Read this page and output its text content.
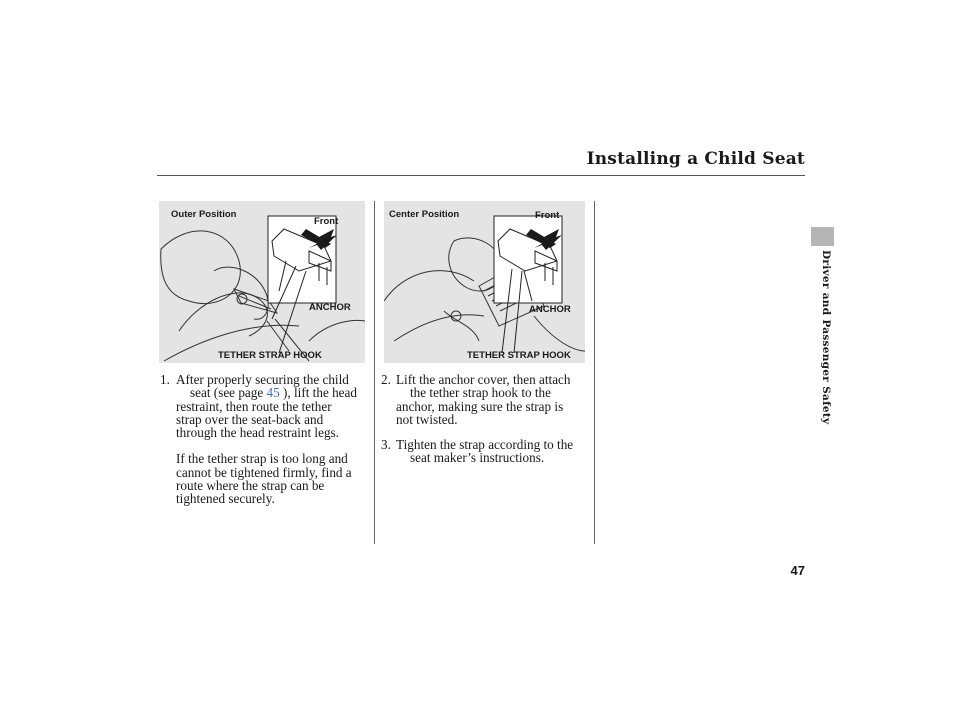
Installing a Child Seat
Driver and Passenger Safety
Outer Position
Front
ANCHOR
TETHER STRAP HOOK
Center Position	Front
ANCHOR
TETHER STRAP HOOK
1. After properly securing the child
seat (see page 45 ), lift the head
restraint, then route the tether
strap over the seat-back and
through the head restraint legs.
If the tether strap is too long and
cannot be tightened firmly, find a
route where the strap can be
tightened securely.
2. Lift the anchor cover, then attach
the tether strap hook to the
anchor, making sure the strap is
not twisted.
3. Tighten the strap according to the
seat maker’s instructions.
47
